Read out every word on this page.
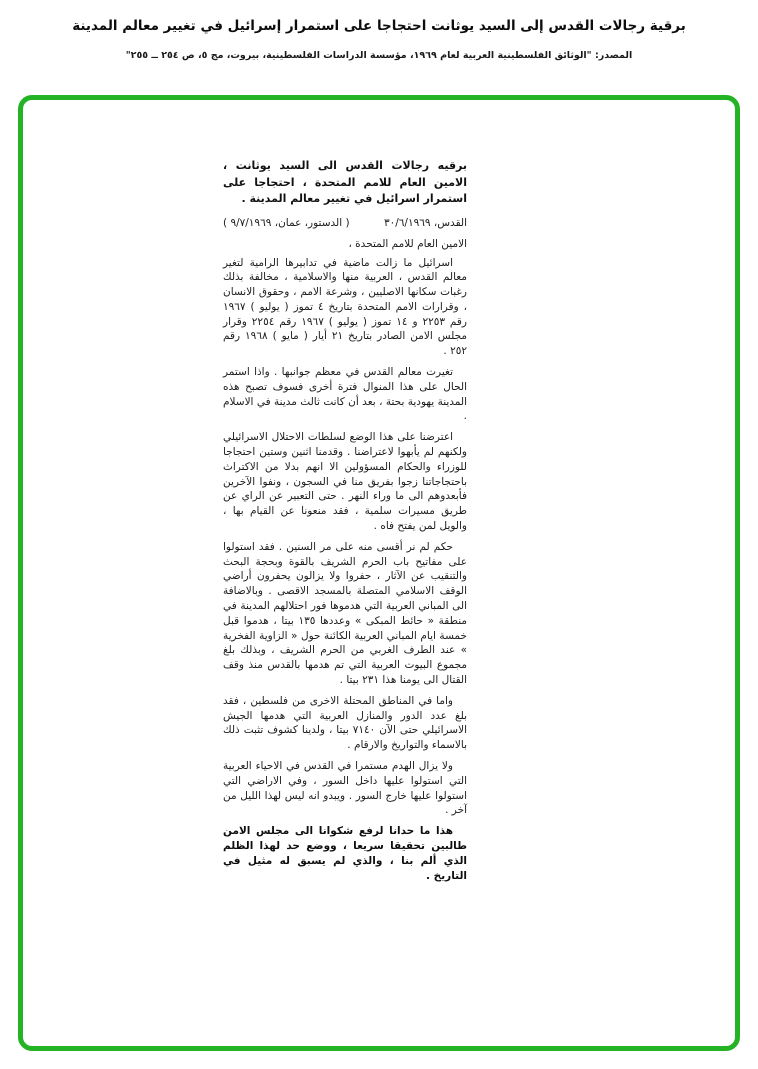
برقية رجالات القدس إلى السيد يوثانت احتجاجا على استمرار إسرائيل في تغيير معالم المدينة
المصدر: "الوثائق الفلسطينية العربية لعام ١٩٦٩، مؤسسة الدراسات الفلسطينية، بيروت، مج ٥، ص ٢٥٤ ــ ٢٥٥"
برقيه رجالات القدس الى السيد يوثانت ، الامين العام للامم المتحدة ، احتجاجا على استمرار اسرائيل في تغيير معالم المدينة .
القدس، ٣٠/٦/١٩٦٩
( الدستور، عمان، ٩/٧/١٩٦٩ )
الامين العام للامم المتحدة ،

اسرائيل ما زالت ماضية في تدابيرها الرامية لتغير معالم القدس ، العربية منها والاسلامية ، مخالفة بذلك رغبات سكانها الاصليين ، وشرعة الامم ، وحقوق الانسان ، وقرارات الامم المتحدة بتاريخ ٤ تموز ( يوليو ) ١٩٦٧ رقم ٢٢٥٣ و ١٤ تموز ( يوليو ) ١٩٦٧ رقم ٢٢٥٤ وقرار مجلس الامن الصادر بتاريخ ٢١ أيار ( مايو ) ١٩٦٨ رقم ٢٥٢ .

تغيرت معالم القدس في معظم جوانبها . واذا استمر الحال على هذا المنوال فترة أخرى فسوف تصبح هذه المدينة يهودية بحتة ، بعد أن كانت ثالث مدينة في الاسلام .

اعترضنا على هذا الوضع لسلطات الاحتلال الاسرائيلي ولكنهم لم يأبهوا لاعتراضنا . وقدمنا اثنين وستين احتجاجا للوزراء والحكام المسؤولين الا انهم بدلا من الاكتراث باحتجاجاتنا زجوا بفريق منا في السجون ، ونفوا الآخرين فأبعدوهم الى ما وراء النهر . حتى التعبير عن الراي عن طريق مسيرات سلمية ، فقد منعونا عن القيام بها ، والويل لمن يفتح فاه .

حكم لم نر أقسى منه على مر السنين . فقد استولوا على مفاتيح باب الحرم الشريف بالقوة وبحجة البحث والتنقيب عن الآثار ، حفروا ولا يزالون يحفرون أراضي الوقف الاسلامي المتصلة بالمسجد الاقصى . وبالاضافة الى المباني العربية التي هدموها فور احتلالهم المدينة في منطقة « حائط المبكى » وعددها ١٣٥ بيتا ، هدموا قبل خمسة ايام المباني العربية الكائنة حول « الزاوية الفخرية » عند الطرف الغربي من الحرم الشريف ، وبذلك بلغ مجموع البيوت العربية التي تم هدمها بالقدس منذ وقف القتال الى يومنا هذا ٢٣١ بيتا .

واما في المناطق المحتلة الاخرى من فلسطين ، فقد بلغ عدد الدور والمنازل العربية التي هدمها الجيش الاسرائيلي حتى الآن ٧١٤٠ بيتا ، ولدينا كشوف تثبت ذلك بالاسماء والتواريخ والارقام .

ولا يزال الهدم مستمرا في القدس في الاحياء العربية التي استولوا عليها داخل السور ، وفي الاراضي التي استولوا عليها خارج السور . ويبدو انه ليس لهذا الليل من آخر .

هذا ما حدانا لرفع شكوانا الى مجلس الامن طالبين تحقيقا سريعا ، ووضع حد لهذا الظلم الذي ألم بنا ، والذي لم يسبق له مثيل في التاريخ .
